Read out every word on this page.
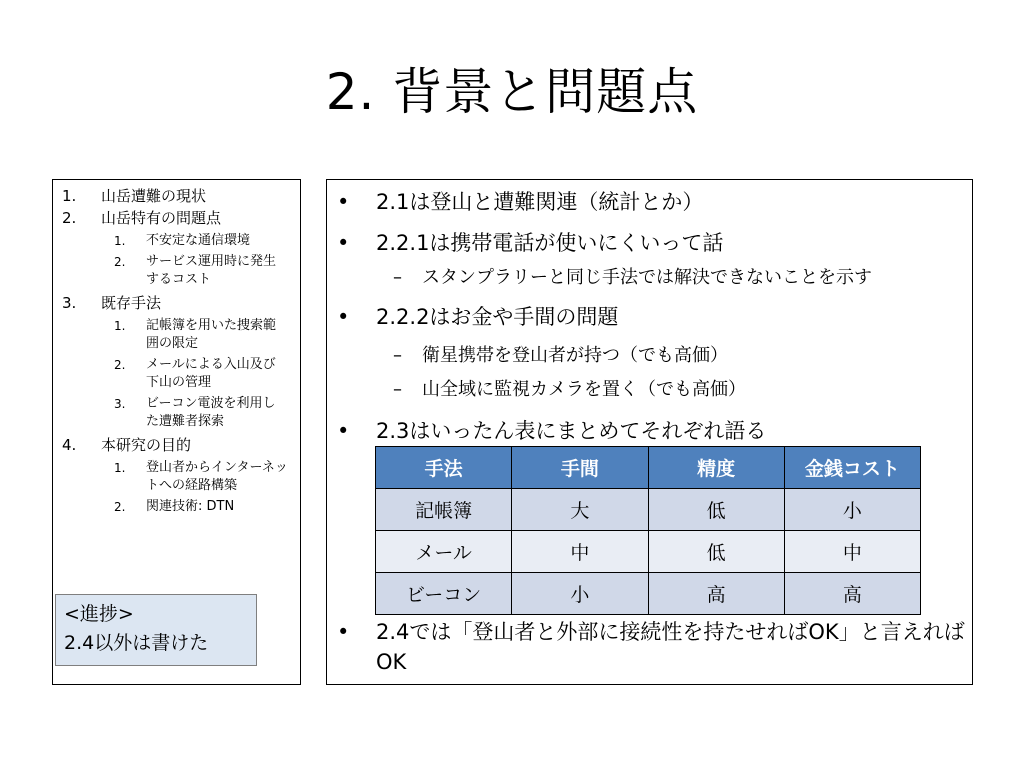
2. 背景と問題点
1. 山岳遭難の現状
2. 山岳特有の問題点
1. 不安定な通信環境
2. サービス運用時に発生するコスト
3. 既存手法
1. 記帳簿を用いた捜索範囲の限定
2. メールによる入山及び下山の管理
3. ビーコン電波を利用した遭難者探索
4. 本研究の目的
1. 登山者からインターネットへの経路構築
2. 関連技術: DTN
<進捗>
2.4以外は書けた
• 2.1は登山と遭難関連（統計とか）
• 2.2.1は携帯電話が使いにくいって話
– スタンプラリーと同じ手法では解決できないことを示す
• 2.2.2はお金や手間の問題
– 衛星携帯を登山者が持つ（でも高価）
– 山全域に監視カメラを置く（でも高価）
• 2.3はいったん表にまとめてそれぞれ語る
手法	手間	精度	金銭コスト
記帳簿	大	低	小
メール	中	低	中
ビーコン	小	高	高
• 2.4では「登山者と外部に接続性を持たせればOK」と言えればOK
